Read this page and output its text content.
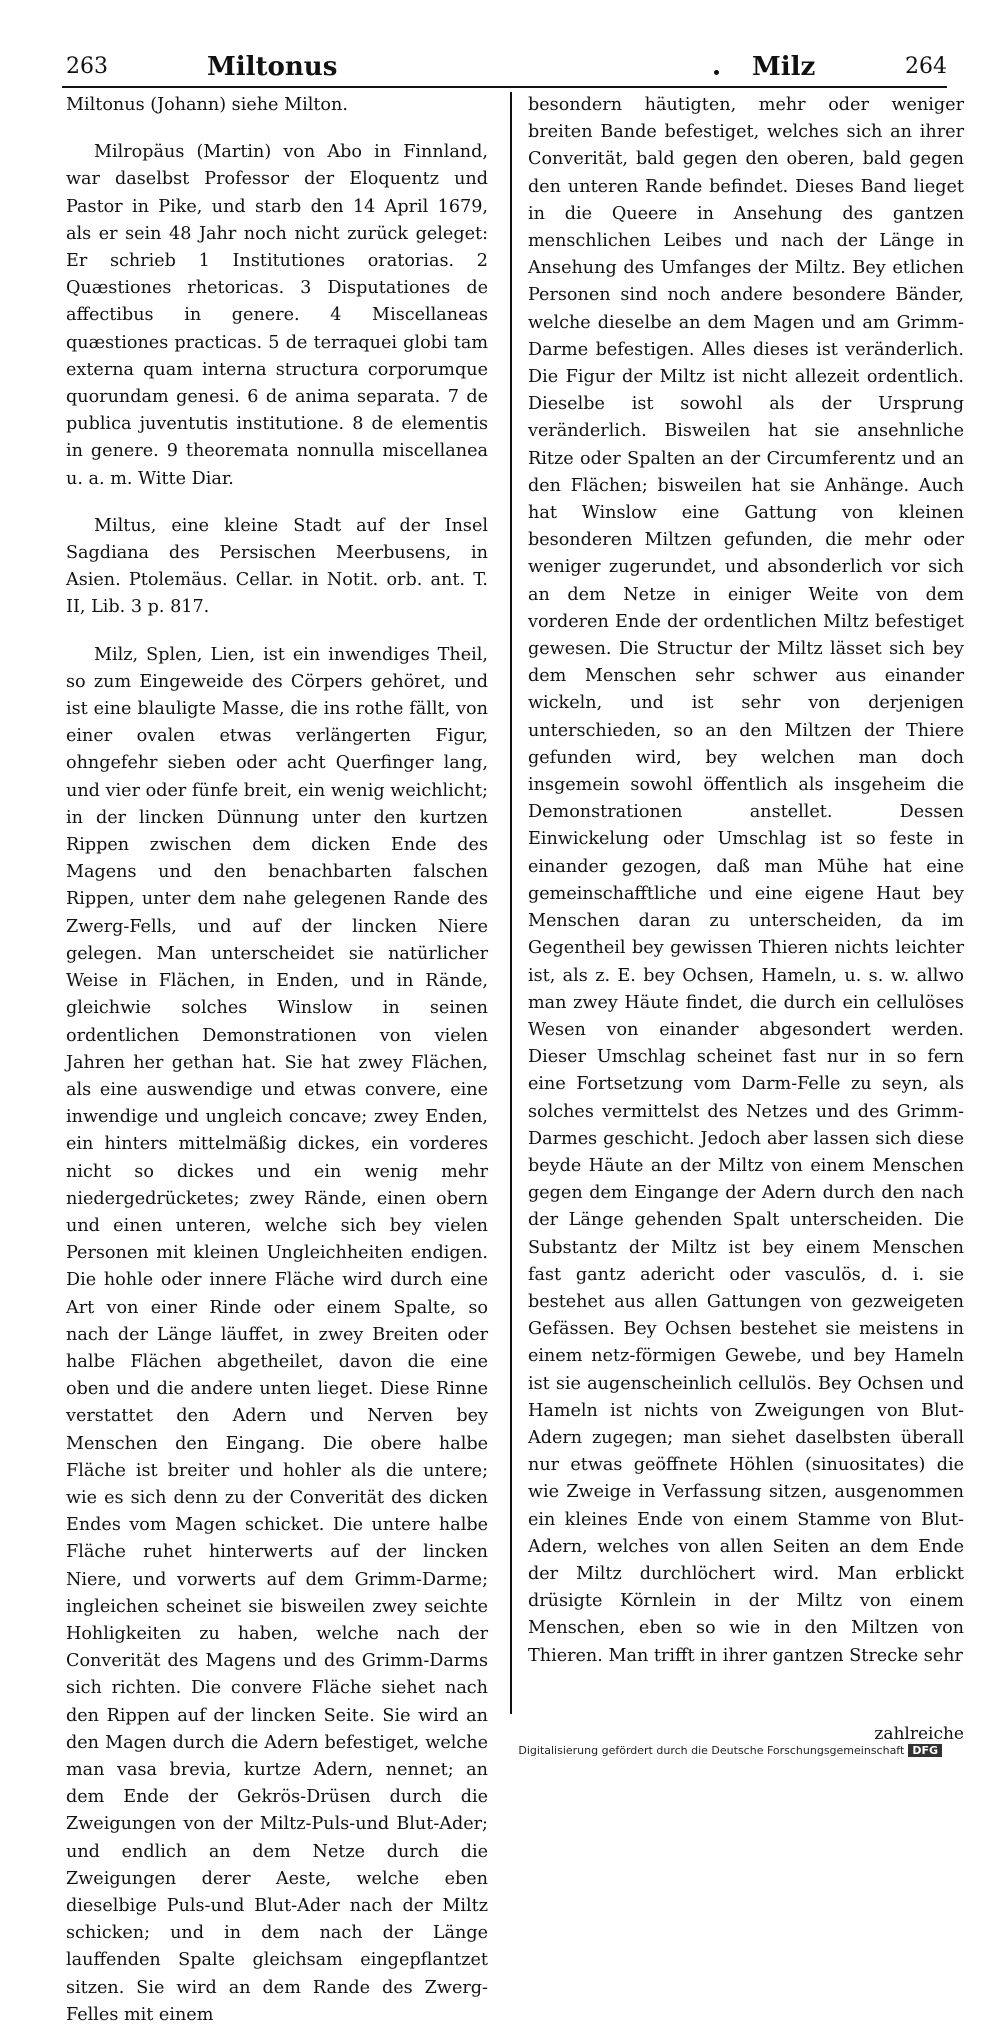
263	Miltonus	Milz	264

Miltonus (Johann) siehe Milton.

Milropäus (Martin) von Abo in Finnland, war daselbst Professor der Eloquentz und Pastor in Pike, und starb den 14 April 1679, als er sein 48 Jahr noch nicht zurück geleget: Er schrieb 1 Institutiones oratorias. 2 Quæstiones rhetoricas. 3 Disputationes de affectibus in genere. 4 Miscellaneas quæstiones practicas. 5 de terraquei globi tam externa quam interna structura corporumque quorundam genesi. 6 de anima separata. 7 de publica juventutis institutione. 8 de elementis in genere. 9 theoremata nonnulla miscellanea u. a. m. Witte Diar.

Miltus, eine kleine Stadt auf der Insel Sagdiana des Persischen Meerbusens, in Asien. Ptolemäus. Cellar. in Notit. orb. ant. T. II, Lib. 3 p. 817.

Milz, Splen, Lien, ist ein inwendiges Theil, so zum Eingeweide des Cörpers gehöret, und ist eine blauligte Masse, die ins rothe fällt, von einer ovalen etwas verlängerten Figur, ohngefehr sieben oder acht Querfinger lang, und vier oder fünfe breit, ein wenig weichlicht; in der lincken Dünnung unter den kurtzen Rippen zwischen dem dicken Ende des Magens und den benachbarten falschen Rippen, unter dem nahe gelegenen Rande des Zwerg-Fells, und auf der lincken Niere gelegen. Man unterscheidet sie natürlicher Weise in Flächen, in Enden, und in Rände, gleichwie solches Winslow in seinen ordentlichen Demonstrationen von vielen Jahren her gethan hat. Sie hat zwey Flächen, als eine auswendige und etwas convere, eine inwendige und ungleich concave; zwey Enden, ein hinters mittelmäßig dickes, ein vorderes nicht so dickes und ein wenig mehr niedergedrücketes; zwey Rände, einen obern und einen unteren, welche sich bey vielen Personen mit kleinen Ungleichheiten endigen. Die hohle oder innere Fläche wird durch eine Art von einer Rinde oder einem Spalte, so nach der Länge läuffet, in zwey Breiten oder halbe Flächen abgetheilet, davon die eine oben und die andere unten lieget. Diese Rinne verstattet den Adern und Nerven bey Menschen den Eingang. Die obere halbe Fläche ist breiter und hohler als die untere; wie es sich denn zu der Converität des dicken Endes vom Magen schicket. Die untere halbe Fläche ruhet hinterwerts auf der lincken Niere, und vorwerts auf dem Grimm-Darme; ingleichen scheinet sie bisweilen zwey seichte Hohligkeiten zu haben, welche nach der Converität des Magens und des Grimm-Darms sich richten. Die convere Fläche siehet nach den Rippen auf der lincken Seite. Sie wird an den Magen durch die Adern befestiget, welche man vasa brevia, kurtze Adern, nennet; an dem Ende der Gekrös-Drüsen durch die Zweigungen von der Miltz-Puls-und Blut-Ader; und endlich an dem Netze durch die Zweigungen derer Aeste, welche eben dieselbige Puls-und Blut-Ader nach der Miltz schicken; und in dem nach der Länge lauffenden Spalte gleichsam eingepflantzet sitzen. Sie wird an dem Rande des Zwerg-Felles mit einem

besondern häutigten, mehr oder weniger breiten Bande befestiget, welches sich an ihrer Converität, bald gegen den oberen, bald gegen den unteren Rande befindet. Dieses Band lieget in die Queere in Ansehung des gantzen menschlichen Leibes und nach der Länge in Ansehung des Umfanges der Miltz. Bey etlichen Personen sind noch andere besondere Bänder, welche dieselbe an dem Magen und am Grimm-Darme befestigen. Alles dieses ist veränderlich. Die Figur der Miltz ist nicht allezeit ordentlich. Dieselbe ist sowohl als der Ursprung veränderlich. Bisweilen hat sie ansehnliche Ritze oder Spalten an der Circumferentz und an den Flächen; bisweilen hat sie Anhänge. Auch hat Winslow eine Gattung von kleinen besonderen Miltzen gefunden, die mehr oder weniger zugerundet, und absonderlich vor sich an dem Netze in einiger Weite von dem vorderen Ende der ordentlichen Miltz befestiget gewesen. Die Structur der Miltz lässet sich bey dem Menschen sehr schwer aus einander wickeln, und ist sehr von derjenigen unterschieden, so an den Miltzen der Thiere gefunden wird, bey welchen man doch insgemein sowohl öffentlich als insgeheim die Demonstrationen anstellet. Dessen Einwickelung oder Umschlag ist so feste in einander gezogen, daß man Mühe hat eine gemeinschafftliche und eine eigene Haut bey Menschen daran zu unterscheiden, da im Gegentheil bey gewissen Thieren nichts leichter ist, als z. E. bey Ochsen, Hameln, u. s. w. allwo man zwey Häute findet, die durch ein cellulöses Wesen von einander abgesondert werden. Dieser Umschlag scheinet fast nur in so fern eine Fortsetzung vom Darm-Felle zu seyn, als solches vermittelst des Netzes und des Grimm-Darmes geschicht. Jedoch aber lassen sich diese beyde Häute an der Miltz von einem Menschen gegen dem Eingange der Adern durch den nach der Länge gehenden Spalt unterscheiden. Die Substantz der Miltz ist bey einem Menschen fast gantz adericht oder vasculös, d. i. sie bestehet aus allen Gattungen von gezweigeten Gefässen. Bey Ochsen bestehet sie meistens in einem netz-förmigen Gewebe, und bey Hameln ist sie augenscheinlich cellulös. Bey Ochsen und Hameln ist nichts von Zweigungen von Blut-Adern zugegen; man siehet daselbsten überall nur etwas geöffnete Höhlen (sinuositates) die wie Zweige in Verfassung sitzen, ausgenommen ein kleines Ende von einem Stamme von Blut-Adern, welches von allen Seiten an dem Ende der Miltz durchlöchert wird. Man erblickt drüsigte Körnlein in der Miltz von einem Menschen, eben so wie in den Miltzen von Thieren. Man trifft in ihrer gantzen Strecke sehr

zahlreiche
Digitalisierung gefördert durch die Deutsche Forschungsgemeinschaft DFG
